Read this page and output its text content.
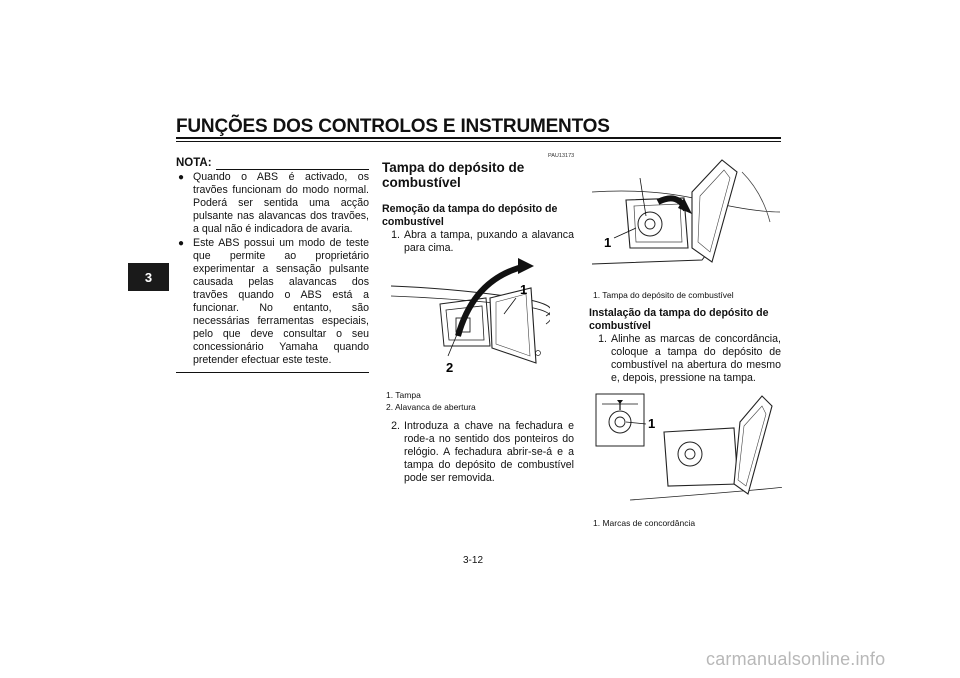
FUNÇÕES DOS CONTROLOS E INSTRUMENTOS
3
NOTA:
● Quando o ABS é activado, os travões funcionam do modo normal. Poderá ser sentida uma acção pulsante nas alavancas dos travões, a qual não é indicadora de avaria.
● Este ABS possui um modo de teste que permite ao proprietário experimentar a sensação pulsante causada pelas alavancas dos travões quando o ABS está a funcionar. No entanto, são necessárias ferramentas especiais, pelo que deve consultar o seu concessionário Yamaha quando pretender efectuar este teste.
PAU13173
Tampa do depósito de combustível
Remoção da tampa do depósito de combustível
1. Abra a tampa, puxando a alavanca para cima.
1
2
1. Tampa
2. Alavanca de abertura
2. Introduza a chave na fechadura e rode-a no sentido dos ponteiros do relógio. A fechadura abrir-se-á e a tampa do depósito de combustível pode ser removida.
1
1. Tampa do depósito de combustível
Instalação da tampa do depósito de combustível
1. Alinhe as marcas de concordância, coloque a tampa do depósito de combustível na abertura do mesmo e, depois, pressione na tampa.
1
1. Marcas de concordância
3-12
carmanualsonline.info
